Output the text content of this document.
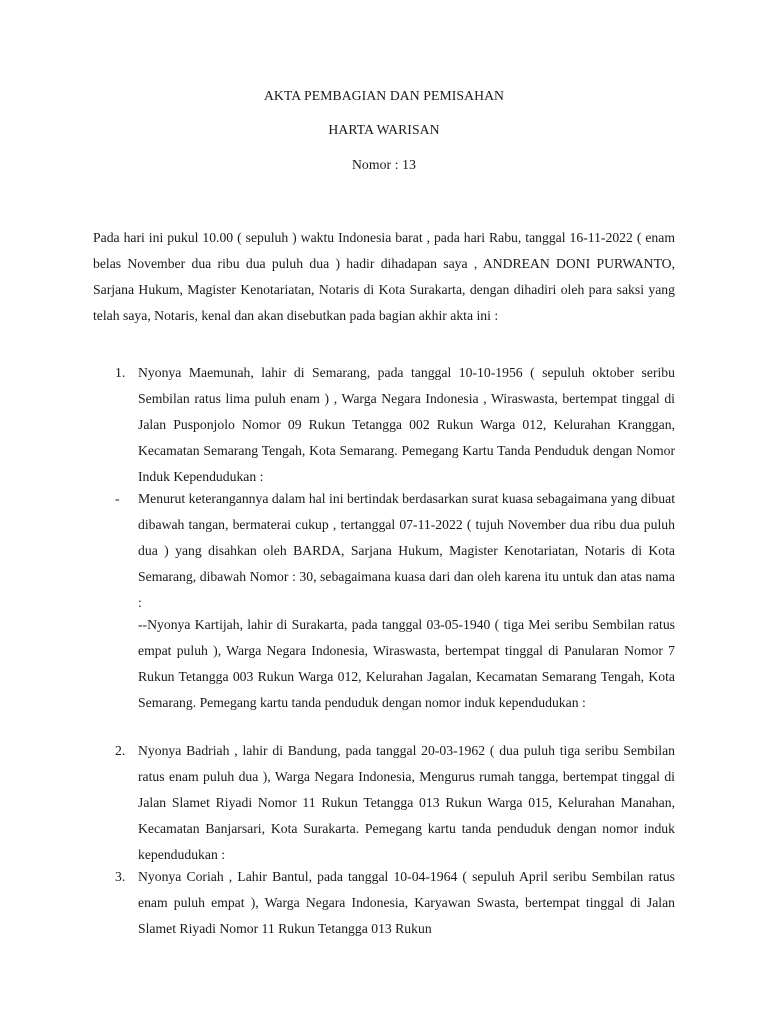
AKTA PEMBAGIAN DAN PEMISAHAN
HARTA WARISAN
Nomor : 13
Pada hari ini pukul 10.00 ( sepuluh ) waktu Indonesia barat , pada hari Rabu, tanggal 16-11-2022 ( enam belas November dua ribu dua puluh dua ) hadir dihadapan saya , ANDREAN DONI PURWANTO, Sarjana Hukum, Magister Kenotariatan, Notaris di Kota Surakarta, dengan dihadiri oleh para saksi yang telah saya, Notaris, kenal dan akan disebutkan pada bagian akhir akta ini :
1. Nyonya Maemunah, lahir di Semarang, pada tanggal 10-10-1956 ( sepuluh oktober seribu Sembilan ratus lima puluh enam ) , Warga Negara Indonesia , Wiraswasta, bertempat tinggal di Jalan Pusponjolo Nomor 09 Rukun Tetangga 002 Rukun Warga 012, Kelurahan Kranggan, Kecamatan Semarang Tengah, Kota Semarang. Pemegang Kartu Tanda Penduduk dengan Nomor Induk Kependudukan :
- Menurut keterangannya dalam hal ini bertindak berdasarkan surat kuasa sebagaimana yang dibuat dibawah tangan, bermaterai cukup , tertanggal 07-11-2022 ( tujuh November dua ribu dua puluh dua ) yang disahkan oleh BARDA, Sarjana Hukum, Magister Kenotariatan, Notaris di Kota Semarang, dibawah Nomor : 30, sebagaimana kuasa dari dan oleh karena itu untuk dan atas nama :
--Nyonya Kartijah, lahir di Surakarta, pada tanggal 03-05-1940 ( tiga Mei seribu Sembilan ratus empat puluh ), Warga Negara Indonesia, Wiraswasta, bertempat tinggal di Panularan Nomor 7 Rukun Tetangga 003 Rukun Warga 012, Kelurahan Jagalan, Kecamatan Semarang Tengah, Kota Semarang. Pemegang kartu tanda penduduk dengan nomor induk kependudukan :
2. Nyonya Badriah , lahir di Bandung, pada tanggal 20-03-1962 ( dua puluh tiga seribu Sembilan ratus enam puluh dua ), Warga Negara Indonesia, Mengurus rumah tangga, bertempat tinggal di Jalan Slamet Riyadi Nomor 11 Rukun Tetangga 013 Rukun Warga 015, Kelurahan Manahan, Kecamatan Banjarsari, Kota Surakarta. Pemegang kartu tanda penduduk dengan nomor induk kependudukan :
3. Nyonya Coriah , Lahir Bantul, pada tanggal 10-04-1964 ( sepuluh April seribu Sembilan ratus enam puluh empat ), Warga Negara Indonesia, Karyawan Swasta, bertempat tinggal di Jalan Slamet Riyadi Nomor 11 Rukun Tetangga 013 Rukun
